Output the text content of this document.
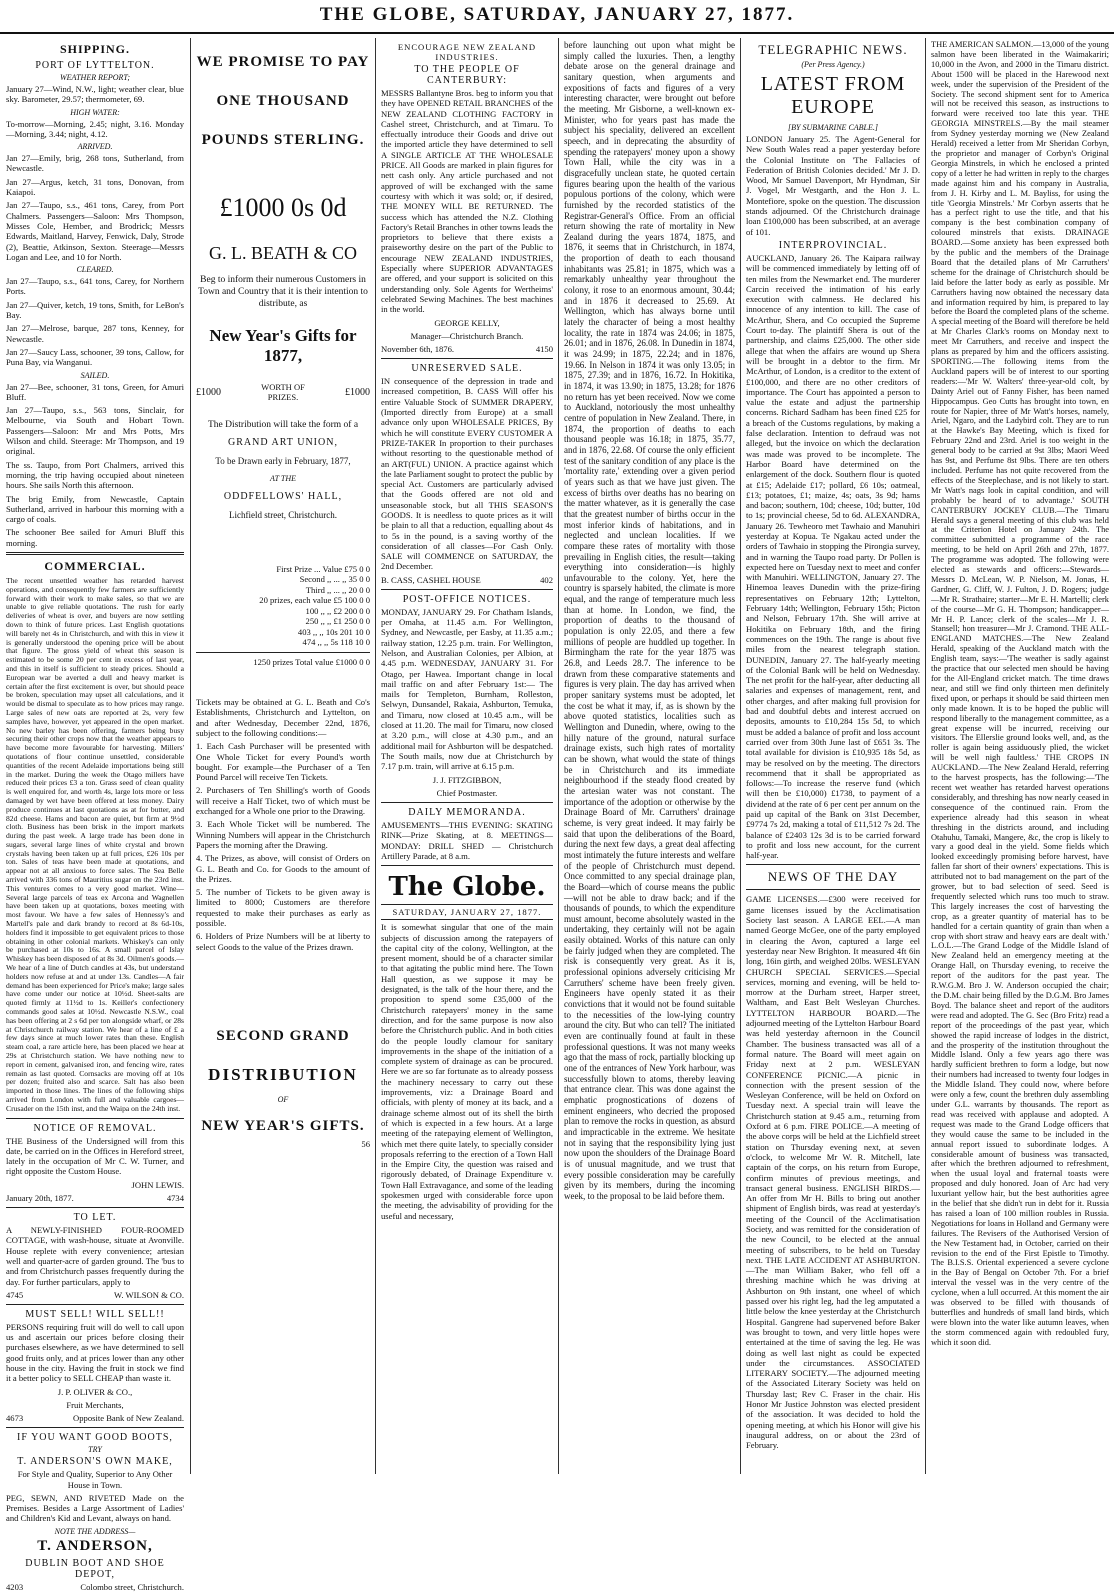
THE GLOBE, SATURDAY, JANUARY 27, 1877.
SHIPPING.
PORT OF LYTTELTON.
WEATHER REPORT;

January 27—Wind, N.W., light; weather clear, blue sky. Barometer, 29.57; thermometer, 69.

HIGH WATER:

To-morrow—Morning, 2.45; night, 3.16. Monday—Morning, 3.44; night, 4.12.

ARRIVED.

Jan 27—Emily, brig, 268 tons, Sutherland, from Newcastle.

Jan 27—Argus, ketch, 31 tons, Donovan, from Kaiapoi.

Jan 27—Taupo, s.s., 461 tons, Carey, from Port Chalmers. Passengers—Saloon: Mrs Thompson, Misses Cole, Hember, and Brodrick; Messrs Edwards, Maitland, Harvey, Fenwick, Daly, Strode (2), Beattie, Atkinson, Sexton. Steerage—Messrs Logan and Lee, and 10 for North.

CLEARED.

Jan 27—Taupo, s.s., 641 tons, Carey, for Northern Ports.

Jan 27—Quiver, ketch, 19 tons, Smith, for LeBon's Bay.

Jan 27—Melrose, barque, 287 tons, Kenney, for Newcastle.

Jan 27—Saucy Lass, schooner, 39 tons, Callow, for Puna Bay, via Wanganui.

SAILED.

Jan 27—Bee, schooner, 31 tons, Green, for Amuri Bluff.

Jan 27—Taupo, s.s., 563 tons, Sinclair, for Melbourne, via South and Hobart Town. Passengers—Saloon: Mr and Mrs Potts, Mrs Wilson and child. Steerage: Mr Thompson, and 19 original.

The ss. Taupo, from Port Chalmers, arrived this morning, the trip having occupied about nineteen hours. She sails North this afternoon.

The brig Emily, from Newcastle, Captain Sutherland, arrived in harbour this morning with a cargo of coals.

The schooner Bee sailed for Amuri Bluff this morning.

COMMERCIAL.

The recent unsettled weather has retarded harvest operations, and consequently few farmers are sufficiently forward with their work to make sales, so that we are unable to give reliable quotations. The rush for early deliveries of wheat is over, and buyers are now settling down to think of future prices. Last English quotations will barely net 4s in Christchurch, and with this in view it is generally understood the opening price will be about that figure. The gross yield of wheat this season is estimated to be some 20 per cent in excess of last year, and this in itself is sufficient to steady prices. Should a European war be averted a dull and heavy market is certain after the first excitement is over, but should peace be broken, speculation may upset all calculations, and it would be dismal to speculate as to how prices may range. Large sales of new oats are reported at 2s, very few samples have, however, yet appeared in the open market. No new barley has been offering, farmers being busy securing their other crops now that the weather appears to have become more favourable for harvesting. Millers' quotations of flour continue unsettled, considerable quantities of the recent Adelaide importations being still in the market. During the week the Otago millers have reduced their prices £3 a ton. Grass seed of clean quality is well enquired for, and worth 4s, large lots more or less damaged by wet have been offered at less money. Dairy produce continues at last quotations as at for butter, and 82d cheese. Hams and bacon are quiet, but firm at 9½d cloth. Business has been brisk in the import markets during the past week. A large trade has been done in sugars, several large lines of white crystal and brown crystals having been taken up at full prices, £26 10s per ton. Sales of teas have been made at quotations, and appear not at all anxious to force sales. The Sea Belle arrived with 336 tons of Mauritius sugar on the 23rd inst. This ventures comes to a very good market. Wine—Several large parcels of teas ex Arcona and Wagnellen have been taken up at quotations, boxes meeting with most favour. We have a few sales of Hennessy's and Martell's pale and dark brandy to record at 8s 6d-10s, holders find it impossible to get equivalent prices to those obtaining in other colonial markets. Whiskey's can only be purchased at 10s to 16s. A small parcel of Islay Whiskey has been disposed of at 8s 3d. Oilmen's goods.—We hear of a line of Dutch candles at 43s, but understand holders now refuse at and at under 13s. Candles—A fair demand has been experienced for Price's make; large sales have come under our notice at 10½d. Sheet-salts are quoted firmly at 11½d to 1s. Keiller's confectionery commands good sales at 10½d. Newcastle N.S.W., coal has been offering at 2 s 6d per ton alongside wharf, or 28s at Christchurch railway station. We hear of a line of £ a few days since at much lower rates than these. English steam coal, a rare article here, has been placed we hear at 29s at Christchurch station. We have nothing new to report in cement, galvanised iron, and fencing wire, rates remain as last quoted. Cornsacks are moving off at 10s per dozen; fruited also and scarce. Salt has also been imported in those lines. The lines of the following ships arrived from London with full and valuable cargoes—Crusader on the 15th inst, and the Waipa on the 24th inst.

NOTICE OF REMOVAL.

THE Business of the Undersigned will from this date, be carried on in the Offices in Hereford street, lately in the occupation of Mr C. W. Turner, and right opposite the Custom House.

JOHN LEWIS.
January 20th, 1877.	4734
TO LET.

A NEWLY-FINISHED FOUR-ROOMED COTTAGE, with wash-house, situate at Avonville. House replete with every convenience; artesian well and quarter-acre of garden ground. The 'bus to and from Christchurch passes frequently during the day. For further particulars, apply to

4745	W. WILSON & CO.
MUST SELL! WILL SELL!!

PERSONS requiring fruit will do well to call upon us and ascertain our prices before closing their purchases elsewhere, as we have determined to sell good fruits only, and at prices lower than any other house in the city. Having the fruit in stock we find it a better policy to SELL CHEAP than waste it.

J. P. OLIVER & CO.,
Fruit Merchants,
4673	Opposite Bank of New Zealand.
IF YOU WANT GOOD BOOTS,
TRY
T. ANDERSON'S OWN MAKE,

For Style and Quality, Superior to Any Other House in Town.

PEG, SEWN, AND RIVETED Made on the Premises. Besides a Large Assortment of Ladies' and Children's Kid and Levant, always on hand.

NOTE THE ADDRESS—
T. ANDERSON,
DUBLIN BOOT AND SHOE DEPOT,
4203	Colombo street, Christchurch.
WE PROMISE TO PAY
ONE THOUSAND
POUNDS STERLING.
£1000 0s 0d
G. L. BEATH & CO

Beg to inform their numerous Customers in Town and Country that it is their intention to distribute, as

New Year's Gifts for 1877,
£1000	WORTH OF PRIZES.	£1000

The Distribution will take the form of a

GRAND ART UNION,

To be Drawn early in February, 1877,

AT THE
ODDFELLOWS' HALL,

Lichfield street, Christchurch.

First Prize ... Value £75 0 0
Second ,, ... ,, 35 0 0
Third ,, ... ,, 20 0 0
20 prizes, each value £5 100 0 0
100 ,, ,, £2 200 0 0
250 ,, ,, £1 250 0 0
403 ,, ,, 10s 201 10 0
474 ,, ,, 5s 118 10 0
1250 prizes Total value £1000 0 0

Tickets may be obtained at G. L. Beath and Co's Establishments, Christchurch and Lyttelton, on and after Wednesday, December 22nd, 1876, subject to the following conditions:—

1. Each Cash Purchaser will be presented with One Whole Ticket for every Pound's worth bought. For example—the Purchaser of a Ten Pound Parcel will receive Ten Tickets.

2. Purchasers of Ten Shilling's worth of Goods will receive a Half Ticket, two of which must be exchanged for a Whole one prior to the Drawing.

3. Each Whole Ticket will be numbered. The Winning Numbers will appear in the Christchurch Papers the morning after the Drawing.

4. The Prizes, as above, will consist of Orders on G. L. Beath and Co. for Goods to the amount of the Prizes.

5. The number of Tickets to be given away is limited to 8000; Customers are therefore requested to make their purchases as early as possible.

6. Holders of Prize Numbers will be at liberty to select Goods to the value of the Prizes drawn.

SECOND GRAND
DISTRIBUTION
OF
NEW YEAR'S GIFTS.
56
ENCOURAGE NEW ZEALAND INDUSTRIES.
TO THE PEOPLE OF CANTERBURY:

MESSRS Ballantyne Bros. beg to inform you that they have OPENED RETAIL BRANCHES of the NEW ZEALAND CLOTHING FACTORY in Cashel street, Christchurch, and at Timaru. To effectually introduce their Goods and drive out the imported article they have determined to sell A SINGLE ARTICLE AT THE WHOLESALE PRICE. All Goods are marked in plain figures for nett cash only. Any article purchased and not approved of will be exchanged with the same courtesy with which it was sold; or, if desired, THE MONEY WILL BE RETURNED. The success which has attended the N.Z. Clothing Factory's Retail Branches in other towns leads the proprietors to believe that there exists a praiseworthy desire on the part of the Public to encourage NEW ZEALAND INDUSTRIES, Especially where SUPERIOR ADVANTAGES are offered, and your support is solicited on this understanding only. Sole Agents for Wertheims' celebrated Sewing Machines. The best machines in the world.

GEORGE KELLY,
Manager—Christchurch Branch.
November 6th, 1876.	4150
UNRESERVED SALE.

IN consequence of the depression in trade and increased competition, B. CASS Will offer his entire Valuable Stock of SUMMER DRAPERY, (Imported directly from Europe) at a small advance only upon WHOLESALE PRICES, By which he will constitute EVERY CUSTOMER A PRIZE-TAKER In proportion to their purchases without resorting to the questionable method of an ART(FUL) UNION. A practice against which the late Parliament sought to protect the public by special Act. Customers are particularly advised that the Goods offered are not old and unseasonable stock, but all THIS SEASON'S GOODS. It is needless to quote prices as it will be plain to all that a reduction, equalling about 4s to 5s in the pound, is a saving worthy of the consideration of all classes—For Cash Only. SALE will COMMENCE on SATURDAY, the 2nd December.

B. CASS, CASHEL HOUSE	402
POST-OFFICE NOTICES.

MONDAY, JANUARY 29. For Chatham Islands, per Omaha, at 11.45 a.m. For Wellington, Sydney, and Newcastle, per Easby, at 11.35 a.m.; railway station, 12.25 p.m. train. For Wellington, Nelson, and Australian Colonies, per Albion, at 4.45 p.m. WEDNESDAY, JANUARY 31. For Otago, per Hawea. Important change in local mail traffic on and after February 1st:— The mails for Templeton, Burnham, Rolleston, Selwyn, Dunsandel, Rakaia, Ashburton, Temuka, and Timaru, now closed at 10.45 a.m., will be closed at 11.20. The mail for Timaru, now closed at 3.20 p.m., will close at 4.30 p.m., and an additional mail for Ashburton will be despatched. The South mails, now due at Christchurch by 7.17 p.m. train, will arrive at 6.15 p.m.

J. J. FITZGIBBON,
Chief Postmaster.
DAILY MEMORANDA.

AMUSEMENTS—THIS EVENING: SKATING RINK—Prize Skating, at 8. MEETINGS—MONDAY: DRILL SHED — Christchurch Artillery Parade, at 8 a.m.

The Globe.
SATURDAY, JANUARY 27, 1877.

It is somewhat singular that one of the main subjects of discussion among the ratepayers of the capital city of the colony, Wellington, at the present moment, should be of a character similar to that agitating the public mind here. The Town Hall question, as we suppose it may be designated, is the talk of the hour there, and the proposition to spend some £35,000 of the Christchurch ratepayers' money in the same direction, and for the same purpose is now also before the Christchurch public. And in both cities do the people loudly clamour for sanitary improvements in the shape of the initiation of a complete system of drainage as can be procured. Here we are so far fortunate as to already possess the machinery necessary to carry out these improvements, viz: a Drainage Board and officials, with plenty of money at its back, and a drainage scheme almost out of its shell the birth of which is expected in a few hours. At a large meeting of the ratepaying element of Wellington, which met there quite lately, to specially consider proposals referring to the erection of a Town Hall in the Empire City, the question was raised and rigorously debated, of Drainage Expenditure v. Town Hall Extravagance, and some of the leading spokesmen urged with considerable force upon the meeting, the advisability of providing for the useful and necessary,

before launching out upon what might be simply called the luxuries. Then, a lengthy debate arose on the general drainage and sanitary question, when arguments and expositions of facts and figures of a very interesting character, were brought out before the meeting. Mr Gisborne, a well-known ex-Minister, who for years past has made the subject his speciality, delivered an excellent speech, and in deprecating the absurdity of spending the ratepayers' money upon a showy Town Hall, while the city was in a disgracefully unclean state, he quoted certain figures bearing upon the health of the various populous portions of the colony, which were furnished by the recorded statistics of the Registrar-General's Office. From an official return showing the rate of mortality in New Zealand during the years 1874, 1875, and 1876, it seems that in Christchurch, in 1874, the proportion of death to each thousand inhabitants was 25.81; in 1875, which was a remarkably unhealthy year throughout the colony, it rose to an enormous amount, 30.44; and in 1876 it decreased to 25.69. At Wellington, which has always borne until lately the character of being a most healthy locality, the rate in 1874 was 24.06; in 1875, 26.01; and in 1876, 26.08. In Dunedin in 1874, it was 24.99; in 1875, 22.24; and in 1876, 19.66. In Nelson in 1874 it was only 13.05; in 1875, 27.39; and in 1876, 16.72. In Hokitika, in 1874, it was 13.90; in 1875, 13.28; for 1876 no return has yet been received. Now we come to Auckland, notoriously the most unhealthy centre of population in New Zealand. There, in 1874, the proportion of deaths to each thousand people was 16.18; in 1875, 35.77, and in 1876, 22.68. Of course the only efficient test of the sanitary condition of any place is the 'mortality rate,' extending over a given period of years such as that we have just given. The excess of births over deaths has no bearing on the matter whatever, as it is generally the case that the greatest number of births occur in the most inferior kinds of habitations, and in neglected and unclean localities. If we compare these rates of mortality with those prevailing in English cities, the result—taking everything into consideration—is highly unfavourable to the colony. Yet, here the country is sparsely habited, the climate is more equal, and the range of temperature much less than at home. In London, we find, the proportion of deaths to the thousand of population is only 22.05, and there a few millions of people are huddled up together. In Birmingham the rate for the year 1875 was 26.8, and Leeds 28.7. The inference to be drawn from these comparative statements and figures is very plain. The day has arrived when proper sanitary systems must be adopted, let the cost be what it may, if, as is shown by the above quoted statistics, localities such as Wellington and Dunedin, where, owing to the hilly nature of the ground, natural surface drainage exists, such high rates of mortality can be shown, what would the state of things be in Christchurch and its immediate neighbourhood if the steady flood created by the artesian water was not constant. The importance of the adoption or otherwise by the Drainage Board of Mr. Carruthers' drainage scheme, is very great indeed. It may fairly be said that upon the deliberations of the Board, during the next few days, a great deal affecting most intimately the future interests and welfare of the people of Christchurch must depend. Once committed to any special drainage plan, the Board—which of course means the public—will not be able to draw back; and if the thousands of pounds, to which the expenditure must amount, become absolutely wasted in the undertaking, they certainly will not be again easily obtained. Works of this nature can only be fairly judged when they are completed. The risk is consequently very great. As it is, professional opinions adversely criticising Mr Carruthers' scheme have been freely given. Engineers have openly stated it as their convictions that it would not be found suitable to the necessities of the low-lying country around the city. But who can tell? The initiated even are continually found at fault in these professional questions. It was not many weeks ago that the mass of rock, partially blocking up one of the entrances of New York harbour, was successfully blown to atoms, thereby leaving that entrance clear. This was done against the emphatic prognostications of dozens of eminent engineers, who decried the proposed plan to remove the rocks in question, as absurd and impracticable in the extreme. We hesitate not in saying that the responsibility lying just now upon the shoulders of the Drainage Board is of unusual magnitude, and we trust that every possible consideration may be carefully given by its members, during the incoming week, to the proposal to be laid before them.

TELEGRAPHIC NEWS.
(Per Press Agency.)
LATEST FROM EUROPE
[BY SUBMARINE CABLE.]

LONDON January 25. The Agent-General for New South Wales read a paper yesterday before the Colonial Institute on 'The Fallacies of Federation of British Colonies decided.' Mr J. D. Wood, Mr Samuel Davenport, Mr Hyndman, Sir J. Vogel, Mr Westgarth, and the Hon J. L. Montefiore, spoke on the question. The discussion stands adjourned. Of the Christchurch drainage loan £100,000 has been subscribed, at an average of 101.

INTERPROVINCIAL.

AUCKLAND, January 26. The Kaipara railway will be commenced immediately by letting off of ten miles from the Newmarket end. The murderer Carcin received the intimation of his early execution with calmness. He declared his innocence of any intention to kill. The case of McArthur, Shera, and Co occupied the Supreme Court to-day. The plaintiff Shera is out of the partnership, and claims £25,000. The other side allege that when the affairs are wound up Shera will be brought in a debtor to the firm. Mr McArthur, of London, is a creditor to the extent of £100,000, and there are no other creditors of importance. The Court has appointed a person to value the estate and adjust the partnership concerns. Richard Sadham has been fined £25 for a breach of the Customs regulations, by making a false declaration. Intention to defraud was not alleged, but the invoice on which the declaration was made was proved to be incomplete. The Harbor Board have determined on the enlargement of the dock. Southern flour is quoted at £15; Adelaide £17; pollard, £6 10s; oatmeal, £13; potatoes, £1; maize, 4s; oats, 3s 9d; hams and bacon; southern, 10d; cheese, 10d; butter, 10d to 1s; provincial cheese, 5d to 6d. ALEXANDRA, January 26. Tewheoro met Tawhaio and Manuhiri yesterday at Kopua. Te Ngakau acted under the orders of Tawhaio in stopping the Pirongia survey, and in warning the Taupo road party. Dr Pollen is expected here on Tuesday next to meet and confer with Manuhiri. WELLINGTON, January 27. The Hinemoa leaves Dunedin with the prize-firing representatives on February 12th; Lyttelton, February 14th; Wellington, February 15th; Picton and Nelson, February 17th. She will arrive at Hokitika on February 18th, and the firing commences on the 19th. The range is about five miles from the nearest telegraph station. DUNEDIN, January 27. The half-yearly meeting of the Colonial Bank will be held on Wednesday. The net profit for the half-year, after deducting all salaries and expenses of management, rent, and other charges, and after making full provision for bad and doubtful debts and interest accrued on deposits, amounts to £10,284 15s 5d, to which must be added a balance of profit and loss account carried over from 30th June last of £651 3s. The total available for division is £10,935 18s 5d, as may be resolved on by the meeting. The directors recommend that it shall be appropriated as follows:—To increase the reserve fund (which will then be £10,000) £1738, to payment of a dividend at the rate of 6 per cent per annum on the paid up capital of the Bank on 31st December, £9774 7s 2d, making a total of £11,512 7s 2d. The balance of £2403 12s 3d is to be carried forward to profit and loss new account, for the current half-year.

NEWS OF THE DAY

GAME LICENSES.—£300 were received for game licenses issued by the Acclimatisation Society last season. A LARGE EEL.—A man named George McGee, one of the party employed in clearing the Avon, captured a large eel yesterday near New Brighton. It measured 4ft 6in long, 16in girth, and weighed 20lbs. WESLEYAN CHURCH SPECIAL SERVICES.—Special services, morning and evening, will be held to-morrow at the Durham street, Harper street, Waltham, and East Belt Wesleyan Churches. LYTTELTON HARBOUR BOARD.—The adjourned meeting of the Lyttelton Harbour Board was held yesterday afternoon in the Council Chamber. The business transacted was all of a formal nature. The Board will meet again on Friday next at 2 p.m. WESLEYAN CONFERENCE PICNIC.—A picnic in connection with the present session of the Wesleyan Conference, will be held on Oxford on Tuesday next. A special train will leave the Christchurch station at 9.45 a.m., returning from Oxford at 6 p.m. FIRE POLICE.—A meeting of the above corps will be held at the Lichfield street station on Thursday evening next, at seven o'clock, to welcome Mr W. R. Mitchell, late captain of the corps, on his return from Europe, confirm minutes of previous meetings, and transact general business. ENGLISH BIRDS.—An offer from Mr H. Bills to bring out another shipment of English birds, was read at yesterday's meeting of the Council of the Acclimatisation Society, and was remitted for the consideration of the new Council, to be elected at the annual meeting of subscribers, to be held on Tuesday next. THE LATE ACCIDENT AT ASHBURTON.—The man William Baker, who fell off a threshing machine which he was driving at Ashburton on 9th instant, one wheel of which passed over his right leg, had the leg amputated a little below the knee yesterday at the Christchurch Hospital. Gangrene had supervened before Baker was brought to town, and very little hopes were entertained at the time of saving the leg. He was doing as well last night as could be expected under the circumstances. ASSOCIATED LITERARY SOCIETY.—The adjourned meeting of the Associated Literary Society was held on Thursday last; Rev C. Fraser in the chair. His Honor Mr Justice Johnston was elected president of the association. It was decided to hold the opening meeting, at which his Honor will give his inaugural address, on or about the 23rd of February.

THE AMERICAN SALMON.—13,000 of the young salmon have been liberated in the Waimakariri; 10,000 in the Avon, and 2000 in the Timaru district. About 1500 will be placed in the Harewood next week, under the supervision of the President of the Society. The second shipment sent for to America will not be received this season, as instructions to forward were received too late this year. THE GEORGIA MINSTRELS.—By the mail steamer from Sydney yesterday morning we (New Zealand Herald) received a letter from Mr Sheridan Corbyn, the proprietor and manager of Corbyn's Original Georgia Minstrels, in which he enclosed a printed copy of a letter he had written in reply to the charges made against him and his company in Australia, from J. H. Kirby and L. M. Bayliss, for using the title 'Georgia Minstrels.' Mr Corbyn asserts that he has a perfect right to use the title, and that his company is the best combination company of coloured minstrels that exists. DRAINAGE BOARD.—Some anxiety has been expressed both by the public and the members of the Drainage Board that the detailed plans of Mr Carruthers' scheme for the drainage of Christchurch should be laid before the latter body as early as possible. Mr Carruthers having now obtained the necessary data and information required by him, is prepared to lay before the Board the completed plans of the scheme. A special meeting of the Board will therefore be held at Mr Charles Clark's rooms on Monday next to meet Mr Carruthers, and receive and inspect the plans as prepared by him and the officers assisting. SPORTING.—The following items from the Auckland papers will be of interest to our sporting readers:—'Mr W. Walters' three-year-old colt, by Dainty Ariel out of Fanny Fisher, has been named Hippocampus. Geo Cutts has brought into town, en route for Napier, three of Mr Watt's horses, namely, Ariel, Ngaro, and the Ladybird colt. They are to run at the Hawke's Bay Meeting, which is fixed for February 22nd and 23rd. Ariel is too weight in the general body to be carried at 9st 3lbs; Maori Weed has 9st, and Perfume 8st 9lbs. There are ten others included. Perfume has not quite recovered from the effects of the Steeplechase, and is not likely to start. Mr Watt's nags look in capital condition, and will probably be heard of to advantage.' SOUTH CANTERBURY JOCKEY CLUB.—The Timaru Herald says a general meeting of this club was held at the Criterion Hotel on January 24th. The committee submitted a programme of the race meeting, to be held on April 26th and 27th, 1877. The programme was adopted. The following were elected as stewards and officers:—Stewards—Messrs D. McLean, W. P. Nielson, M. Jonas, H. Gardner, G. Cliff, W. J. Fulton, J. D. Rogers; judge—Mr R. Strathaire; starter—Mr E. H. Martelli; clerk of the course—Mr G. H. Thompson; handicapper—Mr H. P. Lance; clerk of the scales—Mr J. R. Stansell; hon treasurer—Mr J. Cramond. THE ALL-ENGLAND MATCHES.—The New Zealand Herald, speaking of the Auckland match with the English team, says:—'The weather is sadly against the practice that our selected men should be having for the All-England cricket match. The time draws near, and still we find only thirteen men definitely fixed upon, or perhaps it should be said thirteen men only made known. It is to be hoped the public will respond liberally to the management committee, as a great expense will be incurred, receiving our visitors. The Ellerslie ground looks well, and, as the roller is again being assiduously plied, the wicket will be well nigh faultless.' THE CROPS IN AUCKLAND.—The New Zealand Herald, referring to the harvest prospects, has the following:—'The recent wet weather has retarded harvest operations considerably, and threshing has now nearly ceased in consequence of the continued rain. From the experience already had this season in wheat threshing in the districts around, and including Otahuhu, Tamaki, Mangere, &c, the crop is likely to vary a good deal in the yield. Some fields which looked exceedingly promising before harvest, have fallen far short of their owners' expectations. This is attributed not to bad management on the part of the grower, but to bad selection of seed. Seed is frequently selected which runs too much to straw. This largely increases the cost of harvesting the crop, as a greater quantity of material has to be handled for a certain quantity of grain than when a crop with short straw and heavy ears are dealt with.' L.O.L.—The Grand Lodge of the Middle Island of New Zealand held an emergency meeting at the Orange Hall, on Thursday evening, to receive the report of the auditors for the past year. The R.W.G.M. Bro J. W. Anderson occupied the chair; the D.M. chair being filled by the D.G.M. Bro James Boyd. The balance sheet and report of the auditors were read and adopted. The G. Sec (Bro Fritz) read a report of the proceedings of the past year, which showed the rapid increase of lodges in the district, and the prosperity of the institution throughout the Middle Island. Only a few years ago there was hardly sufficient brethren to form a lodge, but now their numbers had increased to twenty four lodges in the Middle Island. They could now, where before were only a few, count the brethren duly assembling under G.L. warrants by thousands. The report as read was received with applause and adopted. A request was made to the Grand Lodge officers that they would cause the same to be included in the annual report issued to subordinate lodges. A considerable amount of business was transacted, after which the brethren adjourned to refreshment, when the usual loyal and fraternal toasts were proposed and duly honored. Joan of Arc had very luxuriant yellow hair, but the best authorities agree in the belief that she didn't run in debt for it. Russia has raised a loan of 100 million roubles in Russia. Negotiations for loans in Holland and Germany were failures. The Revisers of the Authorised Version of the New Testament had, in October, carried on their revision to the end of the First Epistle to Timothy. The B.I.S.S. Oriental experienced a severe cyclone in the Bay of Bengal on October 7th. For a brief interval the vessel was in the very centre of the cyclone, when a lull occurred. At this moment the air was observed to be filled with thousands of butterflies and hundreds of small land birds, which were blown into the water like autumn leaves, when the storm commenced again with redoubled fury, which it soon did.
